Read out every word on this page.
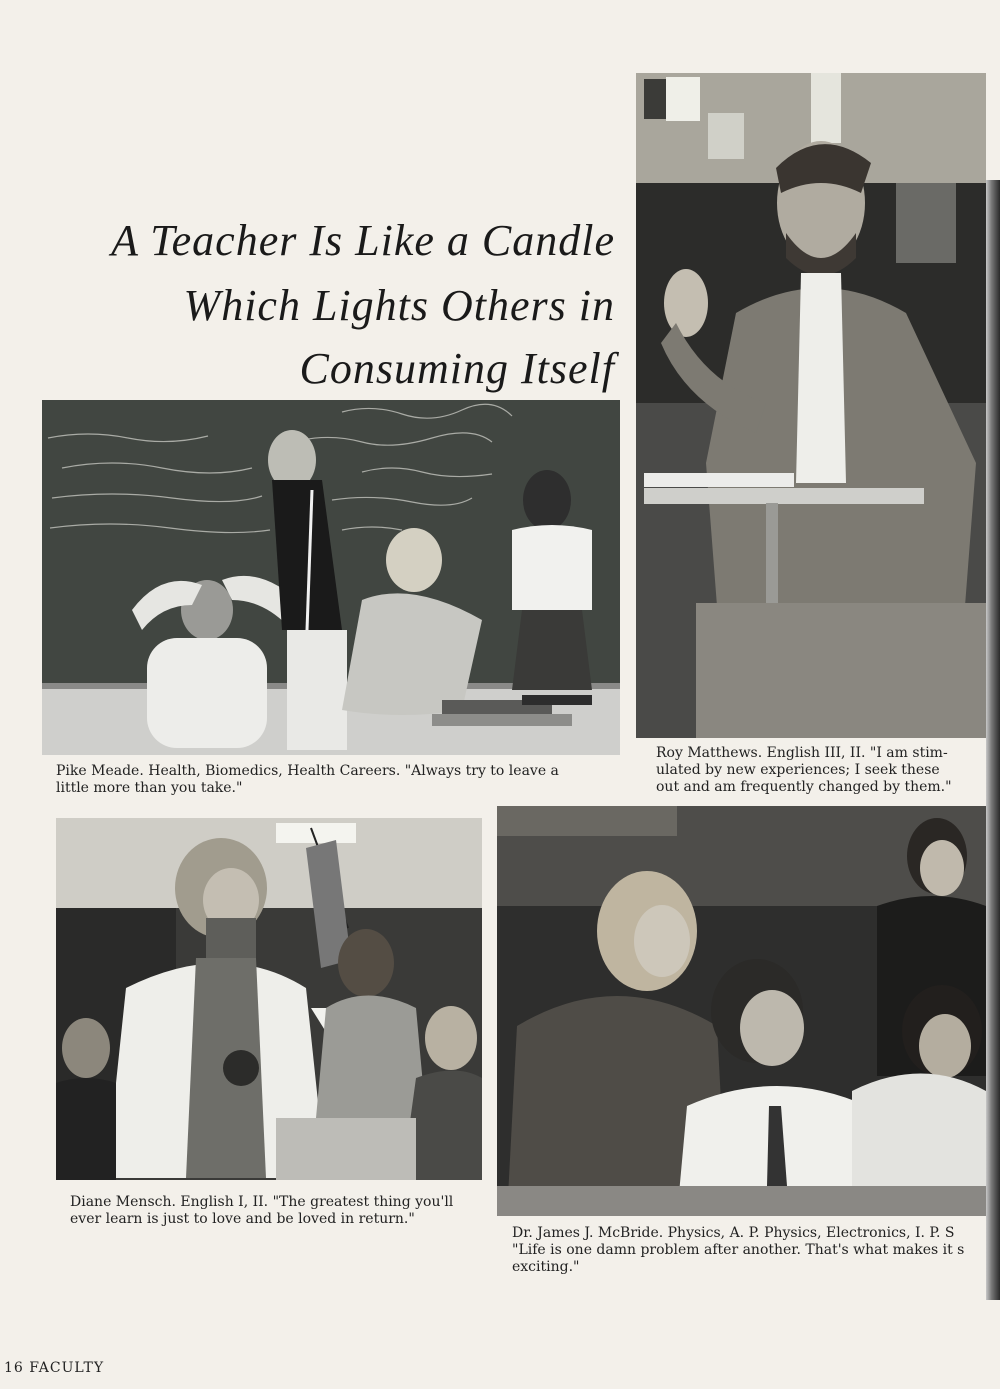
A Teacher Is Like a Candle
Which Lights Others in
Consuming Itself
Pike Meade. Health, Biomedics, Health Careers. "Always try to leave a
little more than you take."
Roy Matthews. English III, II. "I am stim-
ulated by new experiences; I seek these
out and am frequently changed by them."
Diane Mensch. English I, II. "The greatest thing you'll
ever learn is just to love and be loved in return."
Dr. James J. McBride. Physics, A. P. Physics, Electronics, I. P. S
"Life is one damn problem after another. That's what makes it s
exciting."
16 FACULTY
